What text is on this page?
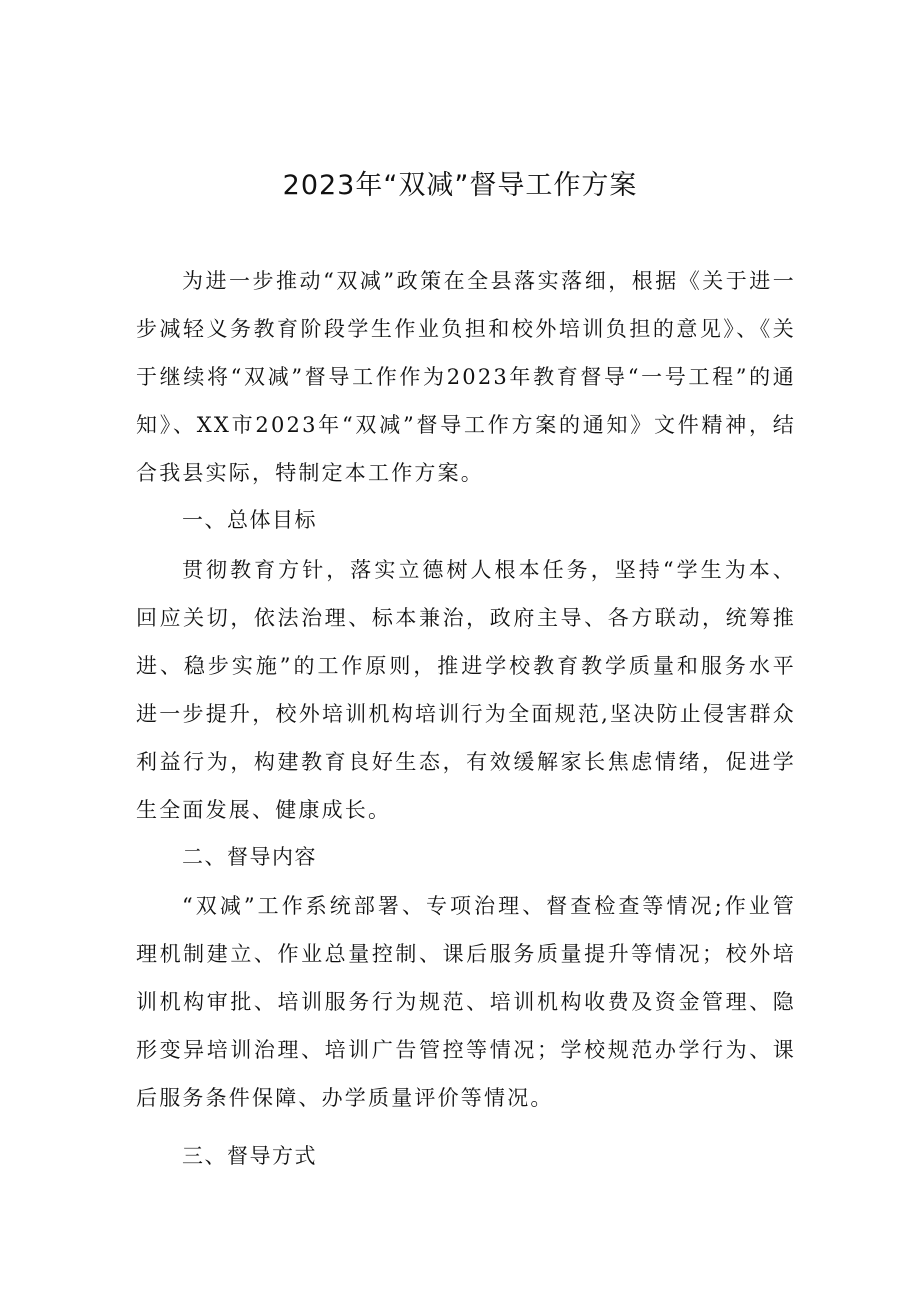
2023年“双减”督导工作方案

为进一步推动“双减”政策在全县落实落细，根据《关于进一步减轻义务教育阶段学生作业负担和校外培训负担的意见》、《关于继续将“双减”督导工作作为2023年教育督导“一号工程”的通知》、XX市2023年“双减”督导工作方案的通知》文件精神，结合我县实际，特制定本工作方案。

一、总体目标

贯彻教育方针，落实立德树人根本任务，坚持“学生为本、回应关切，依法治理、标本兼治，政府主导、各方联动，统筹推进、稳步实施”的工作原则，推进学校教育教学质量和服务水平进一步提升，校外培训机构培训行为全面规范,坚决防止侵害群众利益行为，构建教育良好生态，有效缓解家长焦虑情绪，促进学生全面发展、健康成长。

二、督导内容

“双减”工作系统部署、专项治理、督查检查等情况;作业管理机制建立、作业总量控制、课后服务质量提升等情况；校外培训机构审批、培训服务行为规范、培训机构收费及资金管理、隐形变异培训治理、培训广告管控等情况；学校规范办学行为、课后服务条件保障、办学质量评价等情况。

三、督导方式
